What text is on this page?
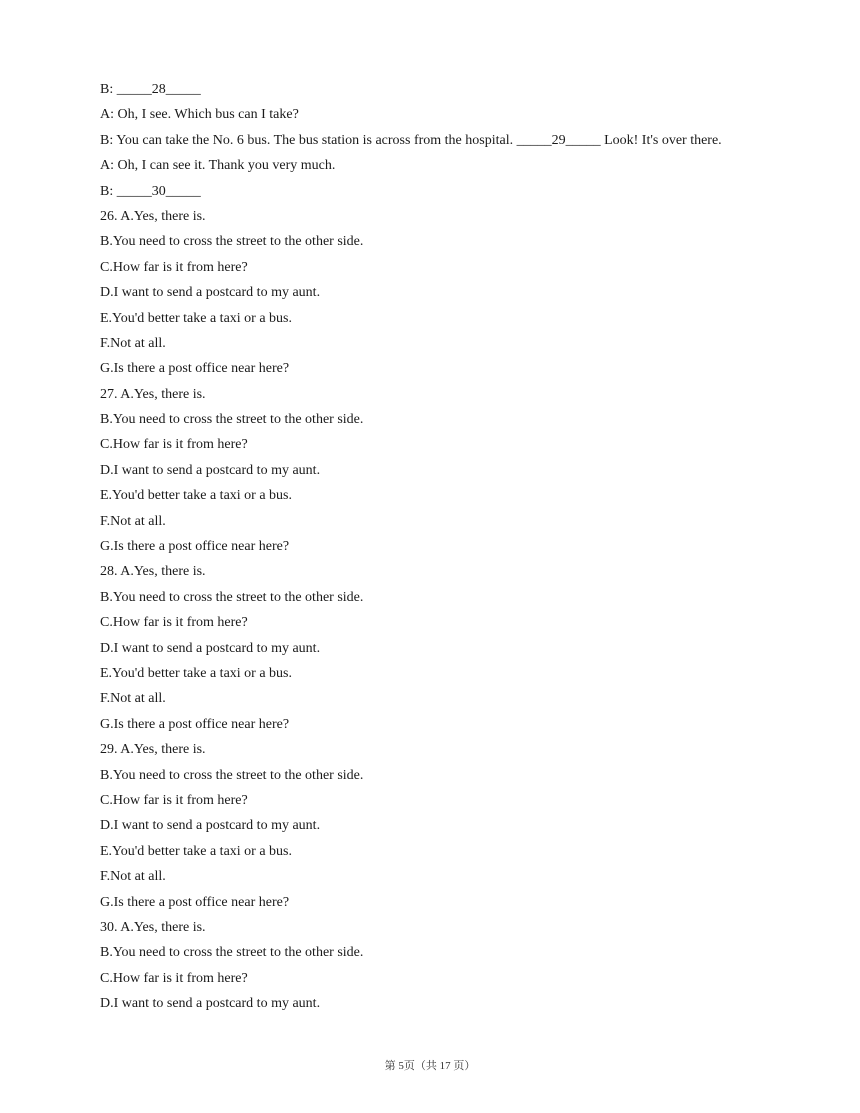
B: _____28_____
A: Oh, I see. Which bus can I take?
B: You can take the No. 6 bus. The bus station is across from the hospital. _____29_____ Look! It's over there.
A: Oh, I can see it. Thank you very much.
B: _____30_____
26. A.Yes, there is.
B.You need to cross the street to the other side.
C.How far is it from here?
D.I want to send a postcard to my aunt.
E.You'd better take a taxi or a bus.
F.Not at all.
G.Is there a post office near here?
27. A.Yes, there is.
B.You need to cross the street to the other side.
C.How far is it from here?
D.I want to send a postcard to my aunt.
E.You'd better take a taxi or a bus.
F.Not at all.
G.Is there a post office near here?
28. A.Yes, there is.
B.You need to cross the street to the other side.
C.How far is it from here?
D.I want to send a postcard to my aunt.
E.You'd better take a taxi or a bus.
F.Not at all.
G.Is there a post office near here?
29. A.Yes, there is.
B.You need to cross the street to the other side.
C.How far is it from here?
D.I want to send a postcard to my aunt.
E.You'd better take a taxi or a bus.
F.Not at all.
G.Is there a post office near here?
30. A.Yes, there is.
B.You need to cross the street to the other side.
C.How far is it from here?
D.I want to send a postcard to my aunt.
第 5页（共 17 页）
